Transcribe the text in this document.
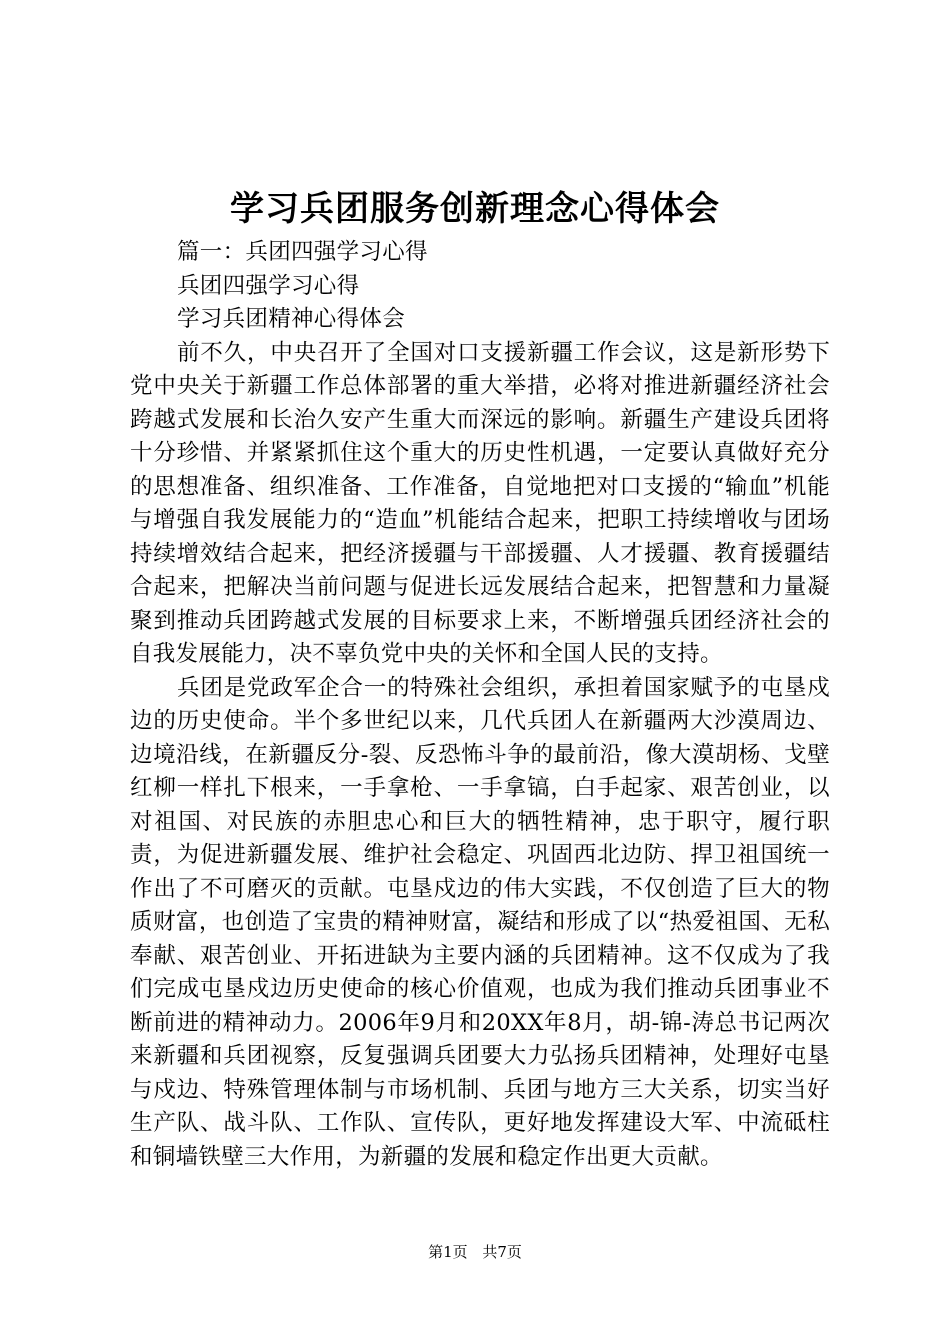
学习兵团服务创新理念心得体会

篇一：兵团四强学习心得

兵团四强学习心得

学习兵团精神心得体会

前不久，中央召开了全国对口支援新疆工作会议，这是新形势下党中央关于新疆工作总体部署的重大举措，必将对推进新疆经济社会跨越式发展和长治久安产生重大而深远的影响。新疆生产建设兵团将十分珍惜、并紧紧抓住这个重大的历史性机遇，一定要认真做好充分的思想准备、组织准备、工作准备，自觉地把对口支援的“输血”机能与增强自我发展能力的“造血”机能结合起来，把职工持续增收与团场持续增效结合起来，把经济援疆与干部援疆、人才援疆、教育援疆结合起来，把解决当前问题与促进长远发展结合起来，把智慧和力量凝聚到推动兵团跨越式发展的目标要求上来，不断增强兵团经济社会的自我发展能力，决不辜负党中央的关怀和全国人民的支持。

兵团是党政军企合一的特殊社会组织，承担着国家赋予的屯垦戍边的历史使命。半个多世纪以来，几代兵团人在新疆两大沙漠周边、边境沿线，在新疆反分-裂、反恐怖斗争的最前沿，像大漠胡杨、戈壁红柳一样扎下根来，一手拿枪、一手拿镐，白手起家、艰苦创业，以对祖国、对民族的赤胆忠心和巨大的牺牲精神，忠于职守，履行职责，为促进新疆发展、维护社会稳定、巩固西北边防、捍卫祖国统一作出了不可磨灭的贡献。屯垦戍边的伟大实践，不仅创造了巨大的物质财富，也创造了宝贵的精神财富，凝结和形成了以“热爱祖国、无私奉献、艰苦创业、开拓进缺为主要内涵的兵团精神。这不仅成为了我们完成屯垦戍边历史使命的核心价值观，也成为我们推动兵团事业不断前进的精神动力。2006年9月和20XX年8月，胡-锦-涛总书记两次来新疆和兵团视察，反复强调兵团要大力弘扬兵团精神，处理好屯垦与戍边、特殊管理体制与市场机制、兵团与地方三大关系，切实当好生产队、战斗队、工作队、宣传队，更好地发挥建设大军、中流砥柱和铜墙铁壁三大作用，为新疆的发展和稳定作出更大贡献。

第1页 共7页
